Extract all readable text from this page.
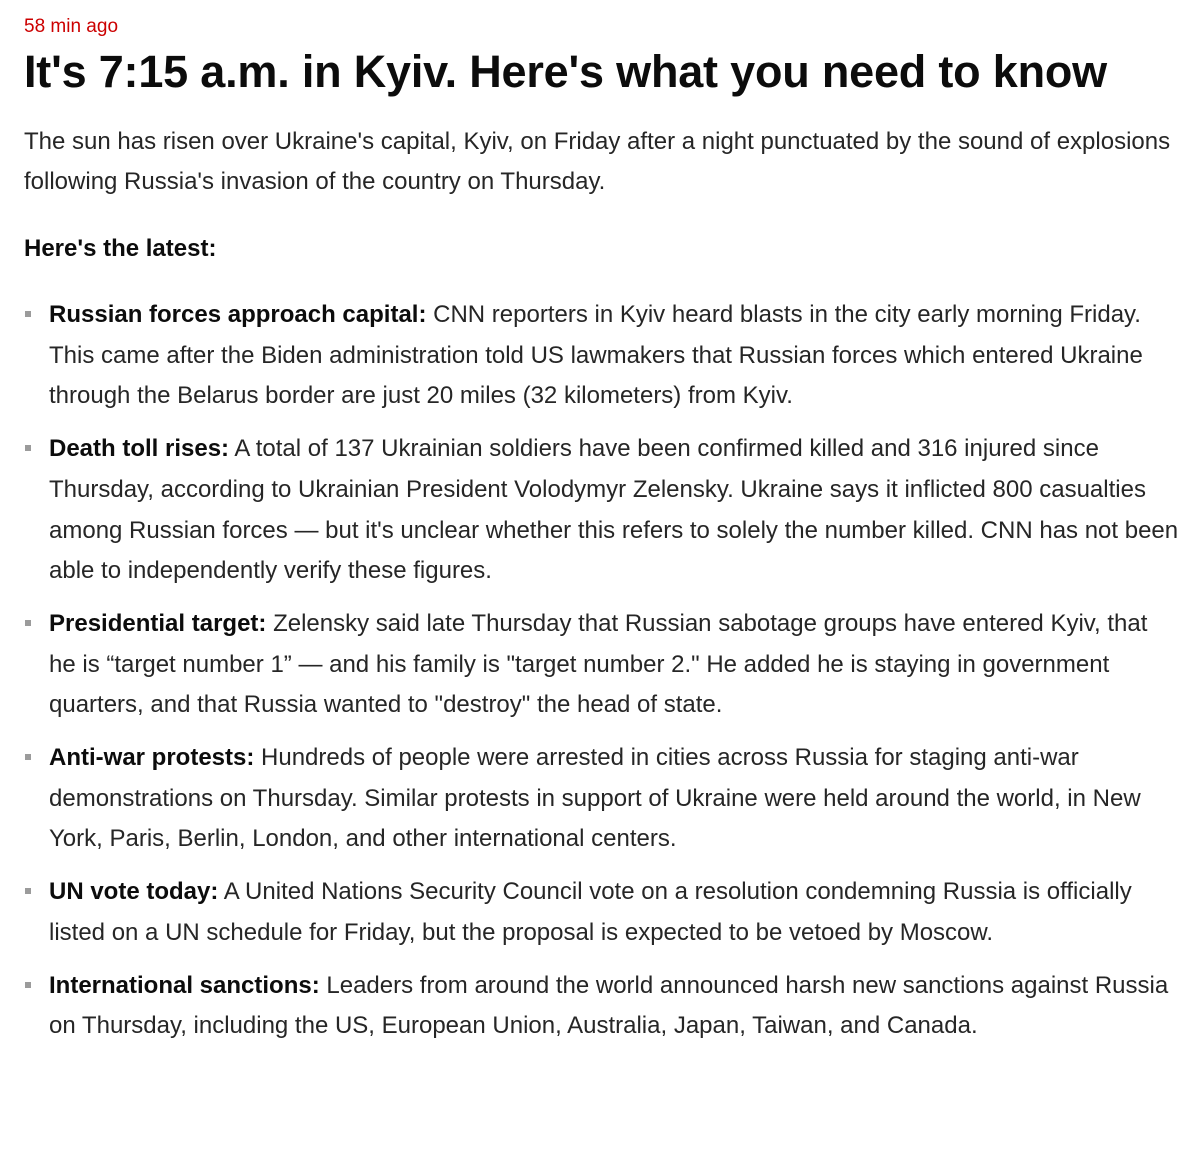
58 min ago
It's 7:15 a.m. in Kyiv. Here's what you need to know

The sun has risen over Ukraine's capital, Kyiv, on Friday after a night punctuated by the sound of explosions following Russia's invasion of the country on Thursday.

Here's the latest:

Russian forces approach capital: CNN reporters in Kyiv heard blasts in the city early morning Friday. This came after the Biden administration told US lawmakers that Russian forces which entered Ukraine through the Belarus border are just 20 miles (32 kilometers) from Kyiv.
Death toll rises: A total of 137 Ukrainian soldiers have been confirmed killed and 316 injured since Thursday, according to Ukrainian President Volodymyr Zelensky. Ukraine says it inflicted 800 casualties among Russian forces — but it's unclear whether this refers to solely the number killed. CNN has not been able to independently verify these figures.
Presidential target: Zelensky said late Thursday that Russian sabotage groups have entered Kyiv, that he is “target number 1” — and his family is "target number 2." He added he is staying in government quarters, and that Russia wanted to "destroy" the head of state.
Anti-war protests: Hundreds of people were arrested in cities across Russia for staging anti-war demonstrations on Thursday. Similar protests in support of Ukraine were held around the world, in New York, Paris, Berlin, London, and other international centers.
UN vote today: A United Nations Security Council vote on a resolution condemning Russia is officially listed on a UN schedule for Friday, but the proposal is expected to be vetoed by Moscow.
International sanctions: Leaders from around the world announced harsh new sanctions against Russia on Thursday, including the US, European Union, Australia, Japan, Taiwan, and Canada.
